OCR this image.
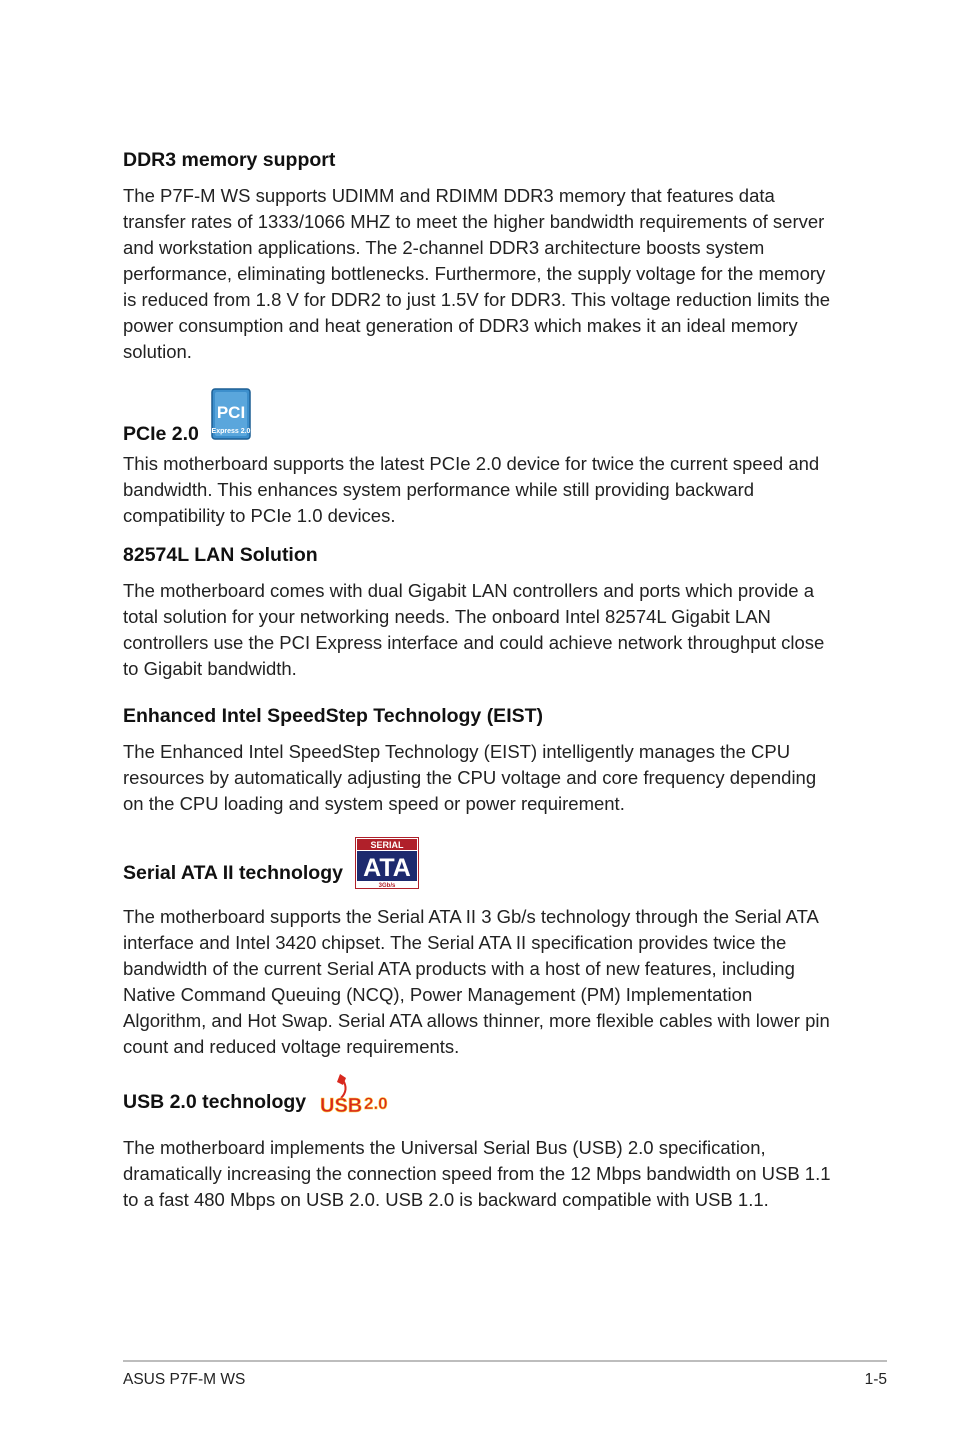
DDR3 memory support

The P7F-M WS supports UDIMM and RDIMM DDR3 memory that features data transfer rates of 1333/1066 MHZ to meet the higher bandwidth requirements of server and workstation applications. The 2-channel DDR3 architecture boosts system performance, eliminating bottlenecks. Furthermore, the supply voltage for the memory is reduced from 1.8 V for DDR2 to just 1.5V for DDR3. This voltage reduction limits the power consumption and heat generation of DDR3 which makes it an ideal memory solution.

PCIe 2.0
PCI
Express 2.0

This motherboard supports the latest PCIe 2.0 device for twice the current speed and bandwidth. This enhances system performance while still providing backward compatibility to PCIe 1.0 devices.

82574L LAN Solution

The motherboard comes with dual Gigabit LAN controllers and ports which provide a total solution for your networking needs. The onboard Intel 82574L Gigabit LAN controllers use the PCI Express interface and could achieve network throughput close to Gigabit bandwidth.

Enhanced Intel SpeedStep Technology (EIST)

The Enhanced Intel SpeedStep Technology (EIST) intelligently manages the CPU resources by automatically adjusting the CPU voltage and core frequency depending on the CPU loading and system speed or power requirement.

Serial ATA II technology
SERIAL
ATA
3Gb/s

The motherboard supports the Serial ATA II 3 Gb/s technology through the Serial ATA interface and Intel 3420 chipset. The Serial ATA II specification provides twice the bandwidth of the current Serial ATA products with a host of new features, including Native Command Queuing (NCQ), Power Management (PM) Implementation Algorithm, and Hot Swap. Serial ATA allows thinner, more flexible cables with lower pin count and reduced voltage requirements.

USB 2.0 technology USB 2.0

The motherboard implements the Universal Serial Bus (USB) 2.0 specification, dramatically increasing the connection speed from the 12 Mbps bandwidth on USB 1.1 to a fast 480 Mbps on USB 2.0. USB 2.0 is backward compatible with USB 1.1.

ASUS P7F-M WS	1-5
